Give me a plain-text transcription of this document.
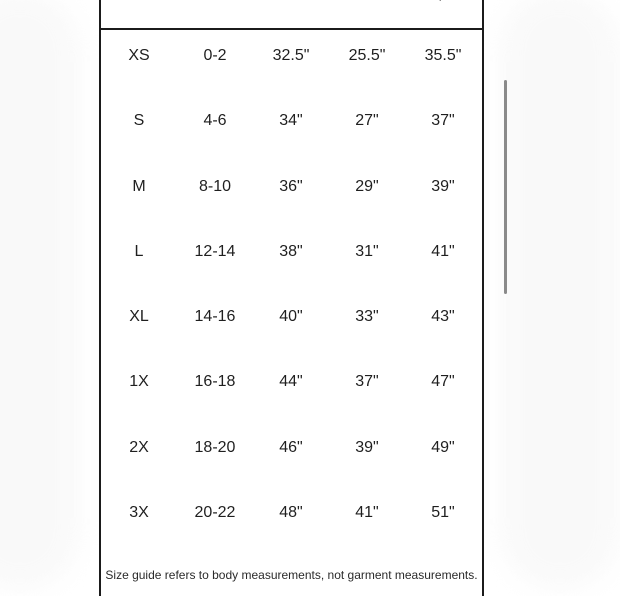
XS	0-2	32.5"	25.5"	35.5"
S	4-6	34"	27"	37"
M	8-10	36"	29"	39"
L	12-14	38"	31"	41"
XL	14-16	40"	33"	43"
1X	16-18	44"	37"	47"
2X	18-20	46"	39"	49"
3X	20-22	48"	41"	51"
Size guide refers to body measurements, not garment measurements.
